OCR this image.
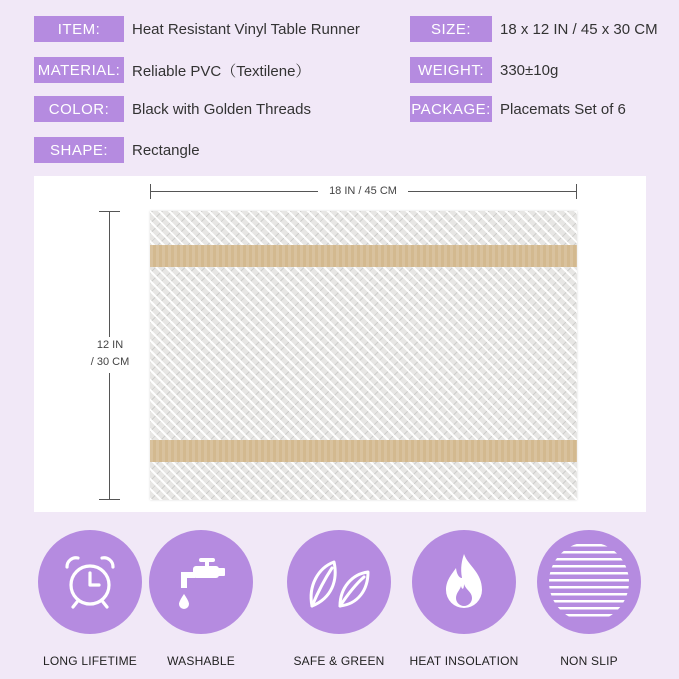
ITEM:	Heat Resistant Vinyl Table Runner
MATERIAL: Reliable PVC（Textilene）
COLOR:	Black with Golden Threads
SHAPE:	Rectangle
SIZE:	18 x 12 IN / 45 x 30 CM
WEIGHT:	330±10g
PACKAGE: Placemats Set of 6
18 IN / 45 CM
12 IN
/ 30 CM
LONG LIFETIME	WASHABLE	SAFE & GREEN	HEAT INSOLATION	NON SLIP
